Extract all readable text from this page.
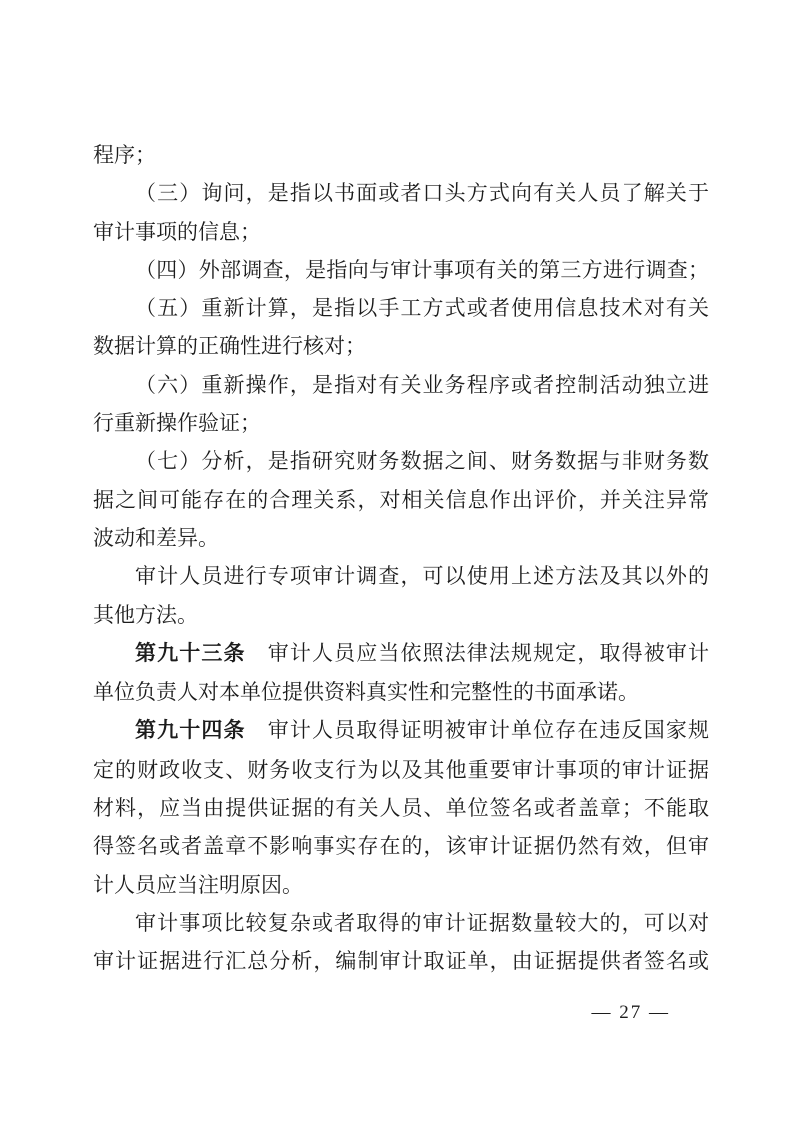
程序；
（三）询问，是指以书面或者口头方式向有关人员了解关于
审计事项的信息；
（四）外部调查，是指向与审计事项有关的第三方进行调查；
（五）重新计算，是指以手工方式或者使用信息技术对有关
数据计算的正确性进行核对；
（六）重新操作，是指对有关业务程序或者控制活动独立进
行重新操作验证；
（七）分析，是指研究财务数据之间、财务数据与非财务数
据之间可能存在的合理关系，对相关信息作出评价，并关注异常
波动和差异。
审计人员进行专项审计调查，可以使用上述方法及其以外的
其他方法。
第九十三条　审计人员应当依照法律法规规定，取得被审计
单位负责人对本单位提供资料真实性和完整性的书面承诺。
第九十四条　审计人员取得证明被审计单位存在违反国家规
定的财政收支、财务收支行为以及其他重要审计事项的审计证据
材料，应当由提供证据的有关人员、单位签名或者盖章；不能取
得签名或者盖章不影响事实存在的，该审计证据仍然有效，但审
计人员应当注明原因。
审计事项比较复杂或者取得的审计证据数量较大的，可以对
审计证据进行汇总分析，编制审计取证单，由证据提供者签名或
— 27 —
